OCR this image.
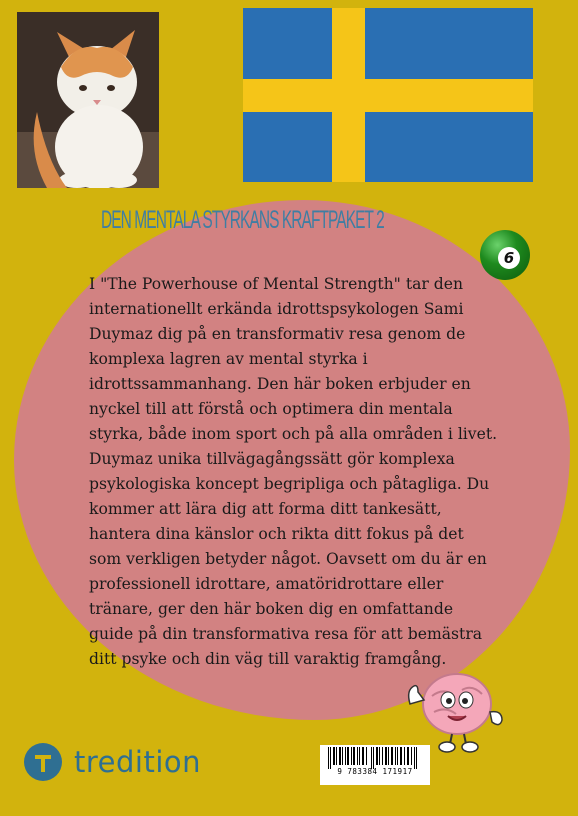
DEN MENTALA STYRKANS KRAFTPAKET 2
6

I "The Powerhouse of Mental Strength" tar den internationellt erkända idrottspsykologen Sami Duymaz dig på en transformativ resa genom de komplexa lagren av mental styrka i idrottssammanhang. Den här boken erbjuder en nyckel till att förstå och optimera din mentala styrka, både inom sport och på alla områden i livet. Duymaz unika tillvägagångssätt gör komplexa psykologiska koncept begripliga och påtagliga. Du kommer att lära dig att forma ditt tankesätt, hantera dina känslor och rikta ditt fokus på det som verkligen betyder något. Oavsett om du är en professionell idrottare, amatöridrottare eller tränare, ger den här boken dig en omfattande guide på din transformativa resa för att bemästra ditt psyke och din väg till varaktig framgång.

tredition	9 783384 171917
